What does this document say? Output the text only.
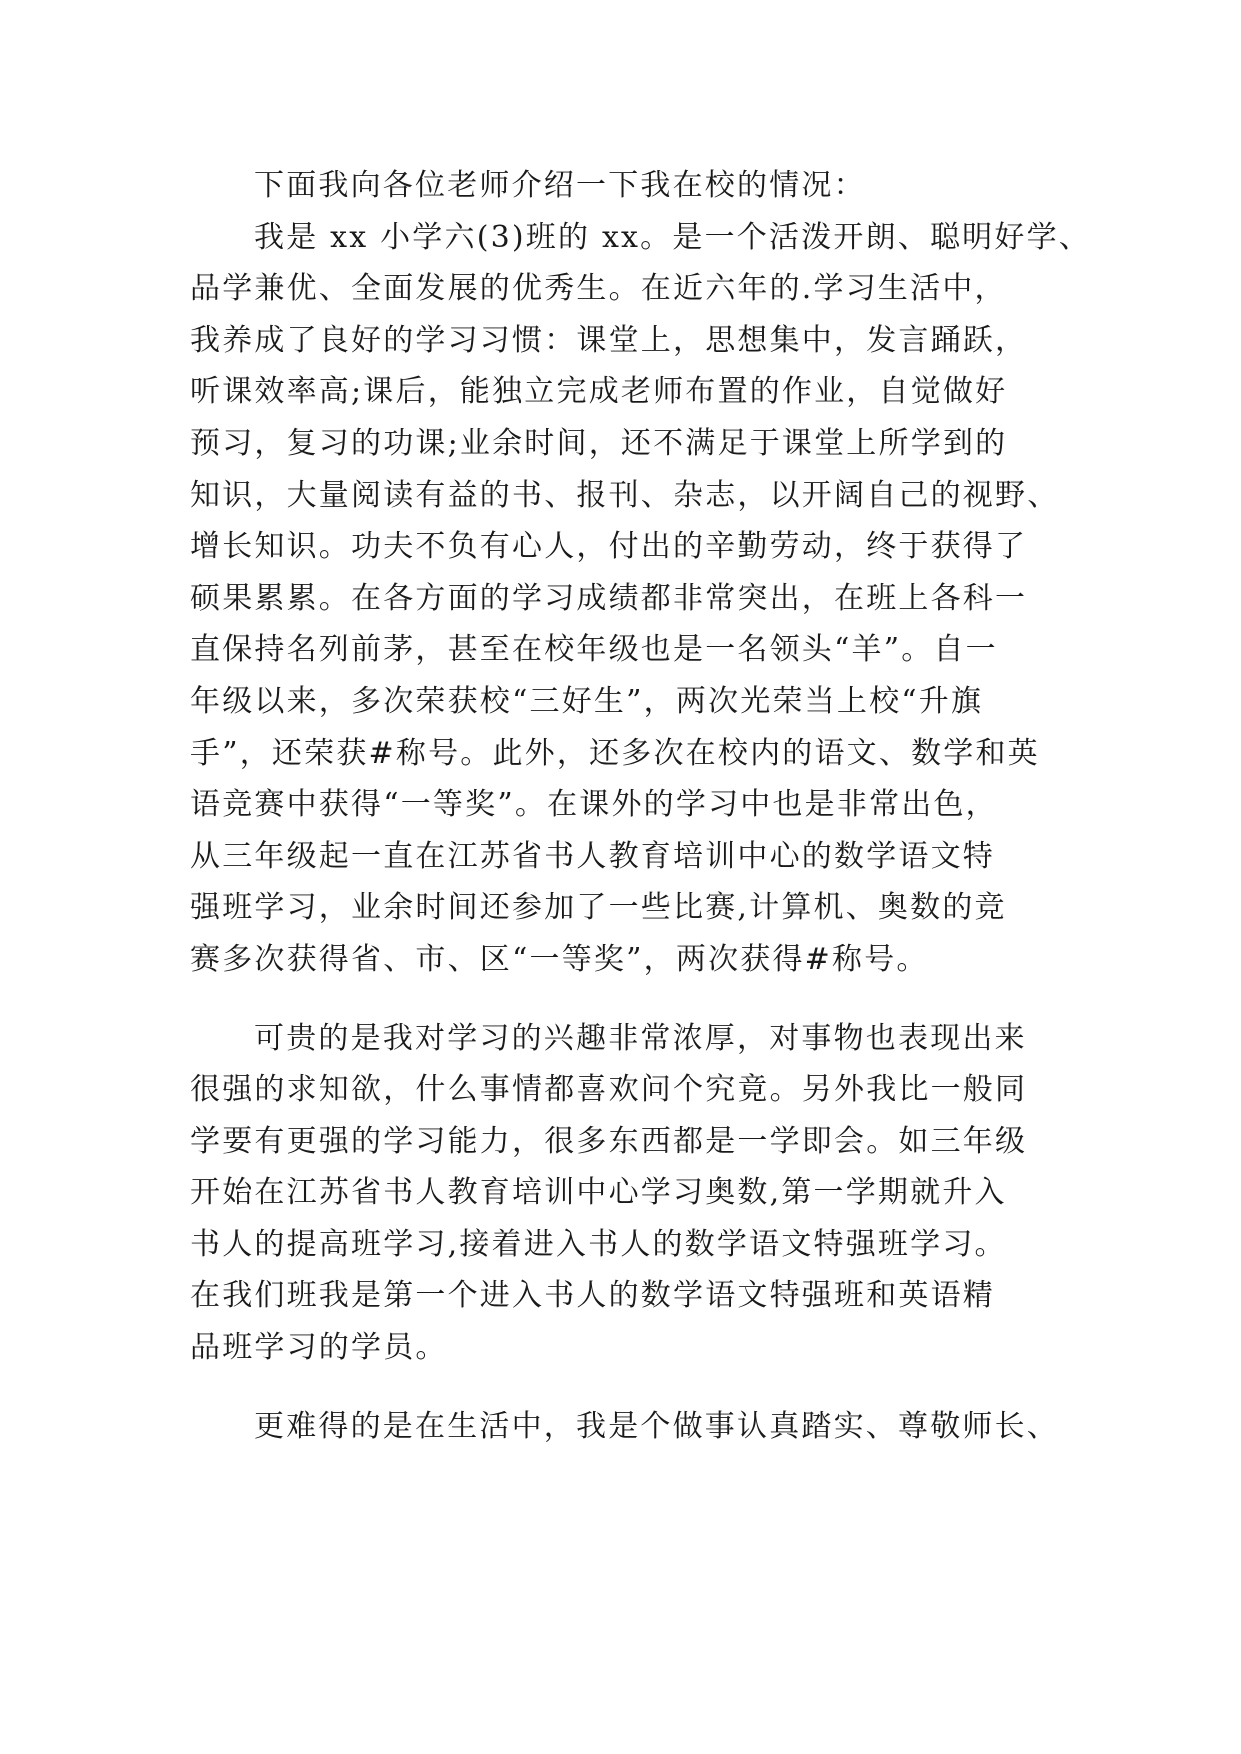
下面我向各位老师介绍一下我在校的情况：
我是 xx 小学六(3)班的 xx。是一个活泼开朗、聪明好学、
品学兼优、全面发展的优秀生。在近六年的.学习生活中，
我养成了良好的学习习惯：课堂上，思想集中，发言踊跃，
听课效率高;课后，能独立完成老师布置的作业，自觉做好
预习，复习的功课;业余时间，还不满足于课堂上所学到的
知识，大量阅读有益的书、报刊、杂志，以开阔自己的视野、
增长知识。功夫不负有心人，付出的辛勤劳动，终于获得了
硕果累累。在各方面的学习成绩都非常突出，在班上各科一
直保持名列前茅，甚至在校年级也是一名领头“羊”。自一
年级以来，多次荣获校“三好生”，两次光荣当上校“升旗
手”，还荣获#称号。此外，还多次在校内的语文、数学和英
语竞赛中获得“一等奖”。在课外的学习中也是非常出色，
从三年级起一直在江苏省书人教育培训中心的数学语文特
强班学习，业余时间还参加了一些比赛,计算机、奥数的竞
赛多次获得省、市、区“一等奖”，两次获得#称号。
可贵的是我对学习的兴趣非常浓厚，对事物也表现出来
很强的求知欲，什么事情都喜欢问个究竟。另外我比一般同
学要有更强的学习能力，很多东西都是一学即会。如三年级
开始在江苏省书人教育培训中心学习奥数,第一学期就升入
书人的提高班学习,接着进入书人的数学语文特强班学习。
在我们班我是第一个进入书人的数学语文特强班和英语精
品班学习的学员。
更难得的是在生活中，我是个做事认真踏实、尊敬师长、
